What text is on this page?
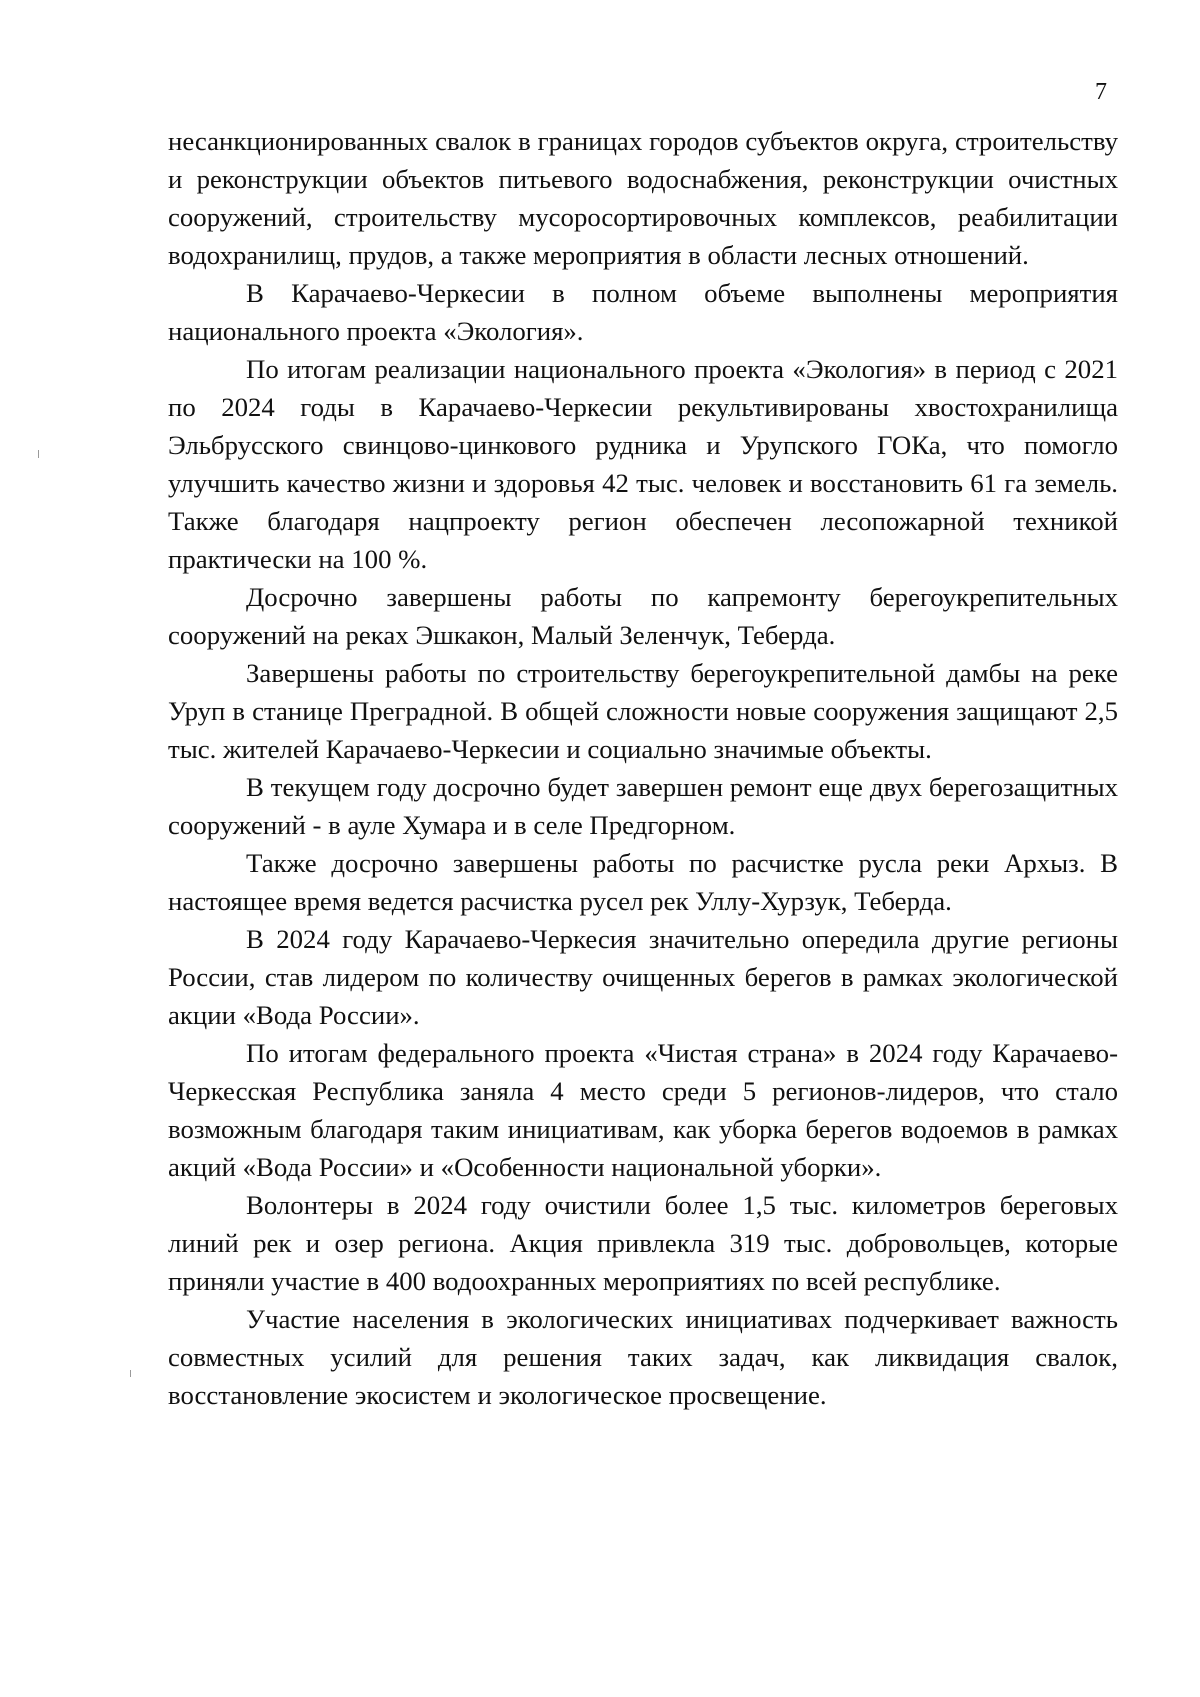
7

несанкционированных свалок в границах городов субъектов округа, строительству и реконструкции объектов питьевого водоснабжения, реконструкции очистных сооружений, строительству мусоросортировочных комплексов, реабилитации водохранилищ, прудов, а также мероприятия в области лесных отношений.

В Карачаево-Черкесии в полном объеме выполнены мероприятия национального проекта «Экология».

По итогам реализации национального проекта «Экология» в период с 2021 по 2024 годы в Карачаево-Черкесии рекультивированы хвостохранилища Эльбрусского свинцово-цинкового рудника и Урупского ГОКа, что помогло улучшить качество жизни и здоровья 42 тыс. человек и восстановить 61 га земель. Также благодаря нацпроекту регион обеспечен лесопожарной техникой практически на 100 %.

Досрочно завершены работы по капремонту берегоукрепительных сооружений на реках Эшкакон, Малый Зеленчук, Теберда.

Завершены работы по строительству берегоукрепительной дамбы на реке Уруп в станице Преградной. В общей сложности новые сооружения защищают 2,5 тыс. жителей Карачаево-Черкесии и социально значимые объекты.

В текущем году досрочно будет завершен ремонт еще двух берегозащитных сооружений - в ауле Хумара и в селе Предгорном.

Также досрочно завершены работы по расчистке русла реки Архыз. В настоящее время ведется расчистка русел рек Уллу-Хурзук, Теберда.

В 2024 году Карачаево-Черкесия значительно опередила другие регионы России, став лидером по количеству очищенных берегов в рамках экологической акции «Вода России».

По итогам федерального проекта «Чистая страна» в 2024 году Карачаево-Черкесская Республика заняла 4 место среди 5 регионов-лидеров, что стало возможным благодаря таким инициативам, как уборка берегов водоемов в рамках акций «Вода России» и «Особенности национальной уборки».

Волонтеры в 2024 году очистили более 1,5 тыс. километров береговых линий рек и озер региона. Акция привлекла 319 тыс. добровольцев, которые приняли участие в 400 водоохранных мероприятиях по всей республике.

Участие населения в экологических инициативах подчеркивает важность совместных усилий для решения таких задач, как ликвидация свалок, восстановление экосистем и экологическое просвещение.
